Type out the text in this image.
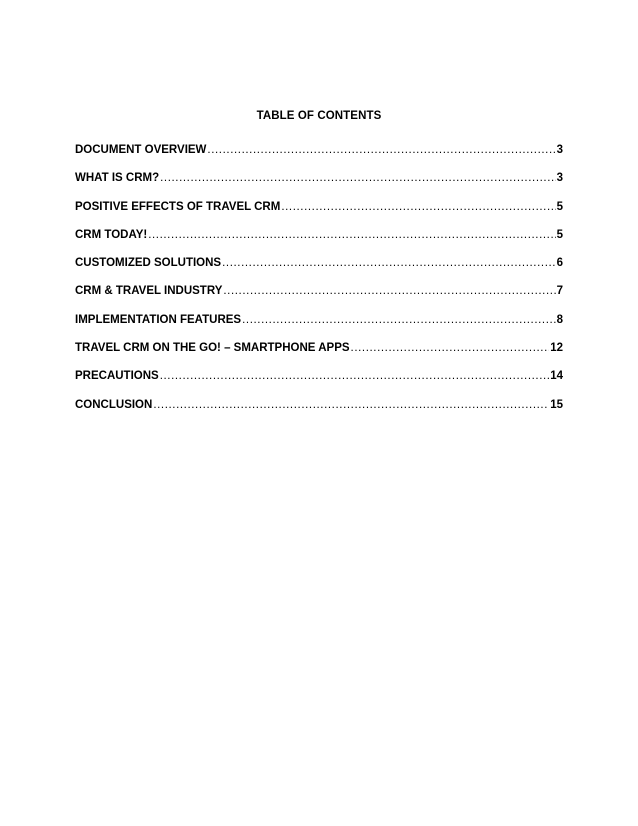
TABLE OF CONTENTS
DOCUMENT OVERVIEW .....	3
WHAT IS CRM? .....	3
POSITIVE EFFECTS OF TRAVEL CRM .....	5
CRM TODAY! .....	5
CUSTOMIZED SOLUTIONS .....	6
CRM & TRAVEL INDUSTRY .....	7
IMPLEMENTATION FEATURES .....	8
TRAVEL CRM ON THE GO! – SMARTPHONE APPS .....	12
PRECAUTIONS .....	14
CONCLUSION .....	15
